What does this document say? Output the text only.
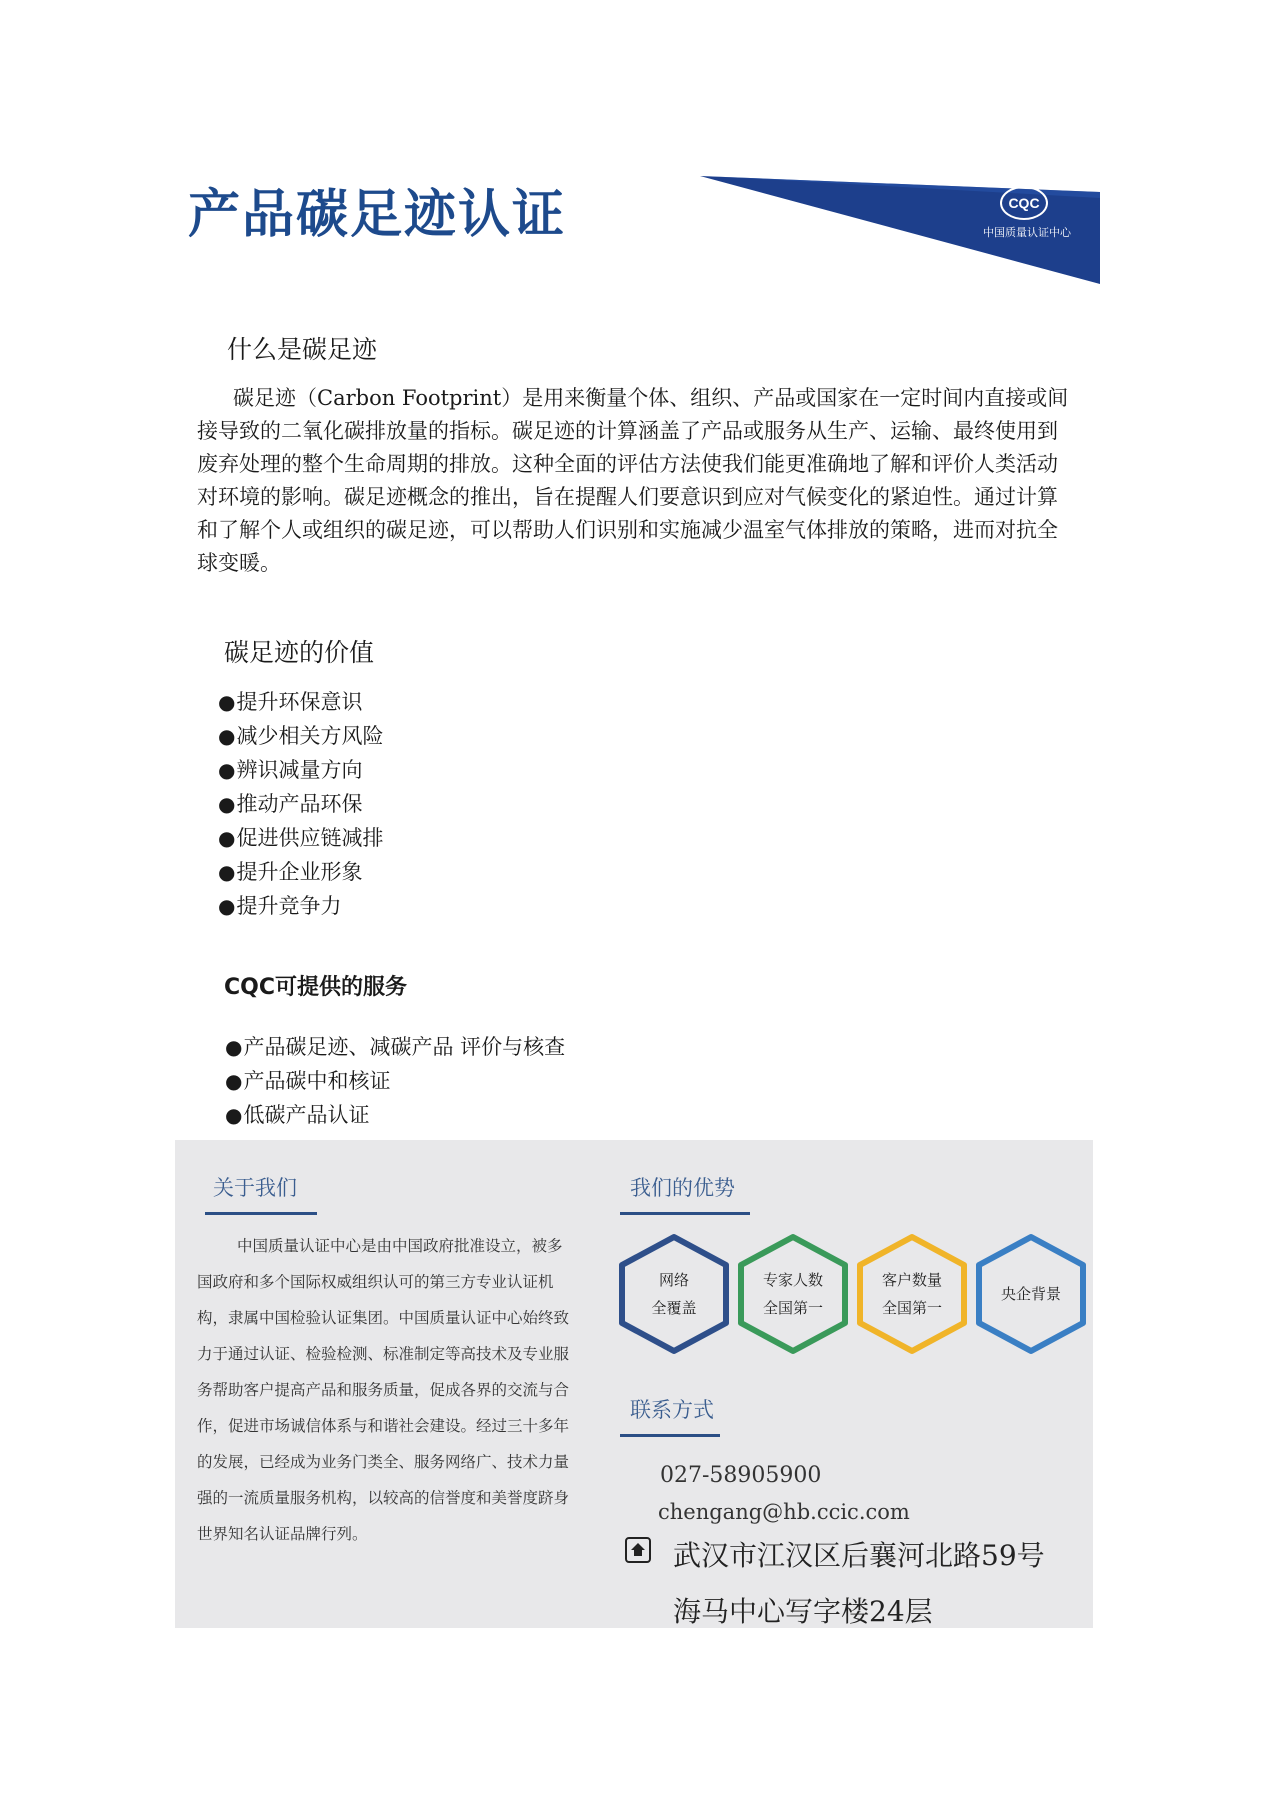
产品碳足迹认证	CQC
中国质量认证中心
什么是碳足迹

碳足迹（Carbon Footprint）是用来衡量个体、组织、产品或国家在一定时间内直接或间接导致的二氧化碳排放量的指标。碳足迹的计算涵盖了产品或服务从生产、运输、最终使用到废弃处理的整个生命周期的排放。这种全面的评估方法使我们能更准确地了解和评价人类活动对环境的影响。碳足迹概念的推出，旨在提醒人们要意识到应对气候变化的紧迫性。通过计算和了解个人或组织的碳足迹，可以帮助人们识别和实施减少温室气体排放的策略，进而对抗全球变暖。

碳足迹的价值
● 提升环保意识
● 减少相关方风险
● 辨识减量方向
● 推动产品环保
● 促进供应链减排
● 提升企业形象
● 提升竞争力
CQC可提供的服务
● 产品碳足迹、减碳产品 评价与核查
● 产品碳中和核证
● 低碳产品认证
关于我们

中国质量认证中心是由中国政府批准设立，被多国政府和多个国际权威组织认可的第三方专业认证机构，隶属中国检验认证集团。中国质量认证中心始终致力于通过认证、检验检测、标准制定等高技术及专业服务帮助客户提高产品和服务质量，促成各界的交流与合作，促进市场诚信体系与和谐社会建设。经过三十多年的发展，已经成为业务门类全、服务网络广、技术力量强的一流质量服务机构，以较高的信誉度和美誉度跻身世界知名认证品牌行列。

我们的优势
网络
全覆盖
专家人数
全国第一
客户数量
全国第一
央企背景
联系方式
027-58905900
chengang@hb.ccic.com
武汉市江汉区后襄河北路59号
海马中心写字楼24层
